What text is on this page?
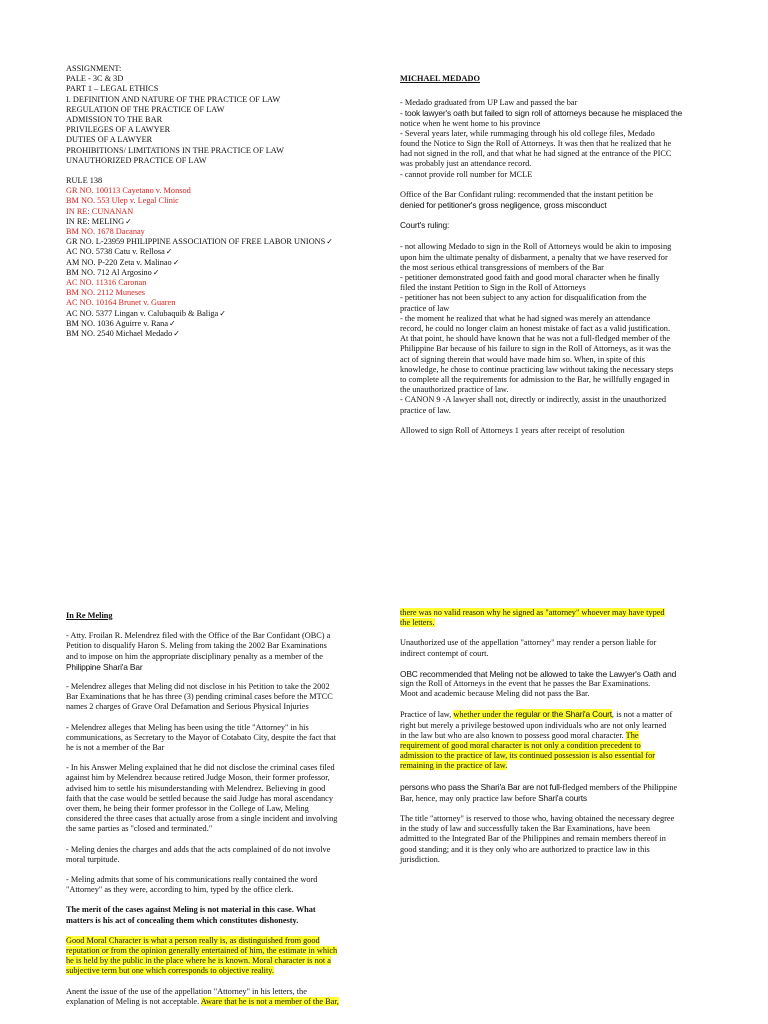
ASSIGNMENT:
PALE - 3C & 3D
PART 1 – LEGAL ETHICS
I. DEFINITION AND NATURE OF THE PRACTICE OF LAW
REGULATION OF THE PRACTICE OF LAW
ADMISSION TO THE BAR
PRIVILEGES OF A LAWYER
DUTIES OF A LAWYER
PROHIBITIONS/ LIMITATIONS IN THE PRACTICE OF LAW
UNAUTHORIZED PRACTICE OF LAW
RULE 138
GR NO. 100113 Cayetano v. Monsod
BM NO. 553 Ulep v. Legal Clinic
IN RE: CUNANAN
IN RE: MELING ✓
BM NO. 1678 Dacanay
GR NO. L-23959 PHILIPPINE ASSOCIATION OF FREE LABOR UNIONS ✓
AC NO. 5738 Catu v. Rellosa ✓
AM NO. P-220 Zeta v. Malinao ✓
BM NO. 712 Al Argosino ✓
AC NO. 11316 Caronan
BM NO. 2112 Muneses
AC NO. 10164 Brunet v. Guaren
AC NO. 5377 Lingan v. Calubaquib & Baliga ✓
BM NO. 1036 Aguirre v. Rana ✓
BM NO. 2540 Michael Medado ✓
MICHAEL MEDADO
- Medado graduated from UP Law and passed the bar
- took lawyer's oath but failed to sign roll of attorneys because he misplaced the
notice when he went home to his province
- Several years later, while rummaging through his old college files, Medado
found the Notice to Sign the Roll of Attorneys. It was then that he realized that he
had not signed in the roll, and that what he had signed at the entrance of the PICC
was probably just an attendance record.
- cannot provide roll number for MCLE
Office of the Bar Confidant ruling: recommended that the instant petition be
denied for petitioner's gross negligence, gross misconduct
Court's ruling:
- not allowing Medado to sign in the Roll of Attorneys would be akin to imposing
upon him the ultimate penalty of disbarment, a penalty that we have reserved for
the most serious ethical transgressions of members of the Bar
- petitioner demonstrated good faith and good moral character when he finally
filed the instant Petition to Sign in the Roll of Attorneys
- petitioner has not been subject to any action for disqualification from the
practice of law
- the moment he realized that what he had signed was merely an attendance
record, he could no longer claim an honest mistake of fact as a valid justification.
At that point, he should have known that he was not a full-fledged member of the
Philippine Bar because of his failure to sign in the Roll of Attorneys, as it was the
act of signing therein that would have made him so. When, in spite of this
knowledge, he chose to continue practicing law without taking the necessary steps
to complete all the requirements for admission to the Bar, he willfully engaged in
the unauthorized practice of law.
- CANON 9 -A lawyer shall not, directly or indirectly, assist in the unauthorized
practice of law.
Allowed to sign Roll of Attorneys 1 years after receipt of resolution
In Re Meling
- Atty. Froilan R. Melendrez filed with the Office of the Bar Confidant (OBC) a
Petition to disqualify Haron S. Meling from taking the 2002 Bar Examinations
and to impose on him the appropriate disciplinary penalty as a member of the
Philippine Shari'a Bar
- Melendrez alleges that Meling did not disclose in his Petition to take the 2002
Bar Examinations that he has three (3) pending criminal cases before the MTCC
names 2 charges of Grave Oral Defamation and Serious Physical Injuries
- Melendrez alleges that Meling has been using the title "Attorney" in his
communications, as Secretary to the Mayor of Cotabato City, despite the fact that
he is not a member of the Bar
- In his Answer Meling explained that he did not disclose the criminal cases filed
against him by Melendrez because retired Judge Moson, their former professor,
advised him to settle his misunderstanding with Melendrez. Believing in good
faith that the case would be settled because the said Judge has moral ascendancy
over them, he being their former professor in the College of Law, Meling
considered the three cases that actually arose from a single incident and involving
the same parties as "closed and terminated."
- Meling denies the charges and adds that the acts complained of do not involve
moral turpitude.
- Meling admits that some of his communications really contained the word
"Attorney" as they were, according to him, typed by the office clerk.
The merit of the cases against Meling is not material in this case. What
matters is his act of concealing them which constitutes dishonesty.
Good Moral Character is what a person really is, as distinguished from good
reputation or from the opinion generally entertained of him, the estimate in which
he is held by the public in the place where he is known. Moral character is not a
subjective term but one which corresponds to objective reality.
Anent the issue of the use of the appellation "Attorney" in his letters, the
explanation of Meling is not acceptable. Aware that he is not a member of the Bar,
there was no valid reason why he signed as "attorney" whoever may have typed
the letters.
Unauthorized use of the appellation "attorney" may render a person liable for
indirect contempt of court.
OBC recommended that Meling not be allowed to take the Lawyer's Oath and
sign the Roll of Attorneys in the event that he passes the Bar Examinations.
Moot and academic because Meling did not pass the Bar.
Practice of law, whether under the regular or the Shari'a Court, is not a matter of
right but merely a privilege bestowed upon individuals who are not only learned
in the law but who are also known to possess good moral character. The
requirement of good moral character is not only a condition precedent to
admission to the practice of law, its continued possession is also essential for
remaining in the practice of law.
persons who pass the Shari'a Bar are not full-fledged members of the Philippine
Bar, hence, may only practice law before Shari'a courts
The title "attorney" is reserved to those who, having obtained the necessary degree
in the study of law and successfully taken the Bar Examinations, have been
admitted to the Integrated Bar of the Philippines and remain members thereof in
good standing; and it is they only who are authorized to practice law in this
jurisdiction.
